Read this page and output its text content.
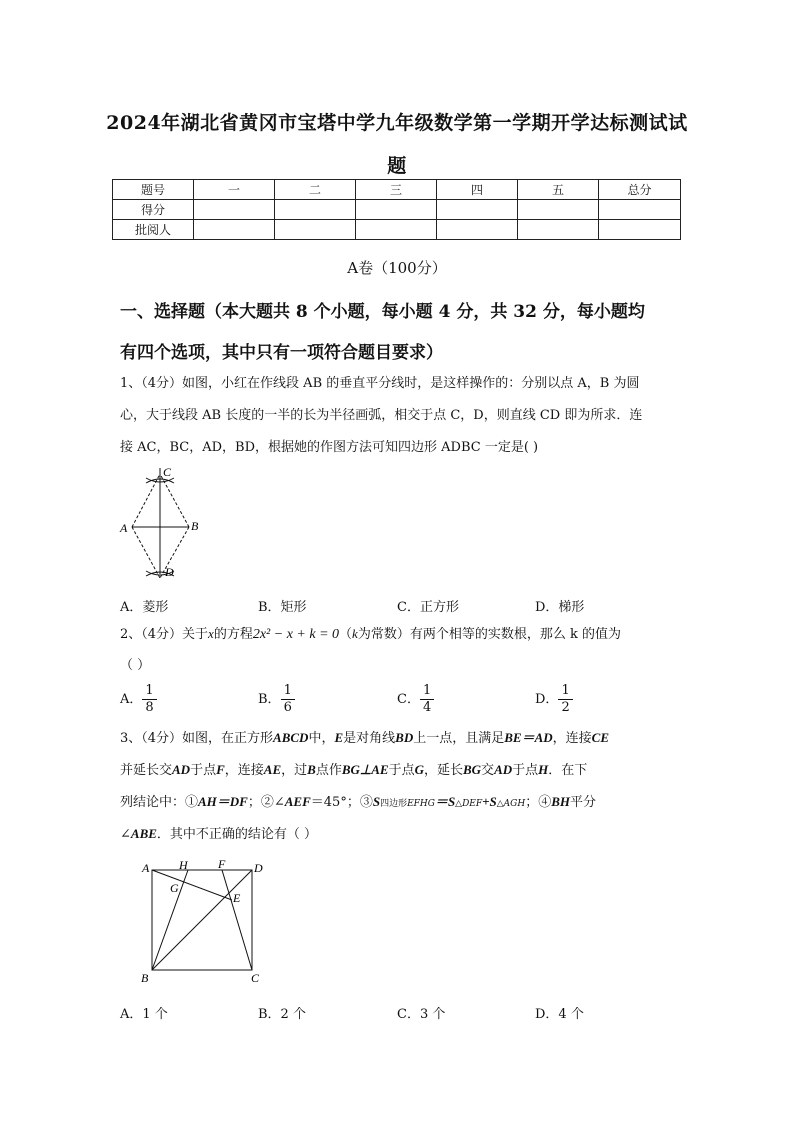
2024年湖北省黄冈市宝塔中学九年级数学第一学期开学达标测试试
题
题号	一	二	三	四	五	总分
得分						
批阅人						
A卷（100分）
一、选择题（本大题共 8 个小题，每小题 4 分，共 32 分，每小题均
有四个选项，其中只有一项符合题目要求）
1、（4分）如图，小红在作线段 AB 的垂直平分线时，是这样操作的：分别以点 A，B 为圆
心，大于线段 AB 长度的一半的长为半径画弧，相交于点 C，D，则直线 CD 即为所求．连
接 AC，BC，AD，BD，根据她的作图方法可知四边形 ADBC 一定是( )
C
A	B
D
A．菱形	B．矩形	C．正方形	D．梯形
2、（4分）关于x的方程2x² − x + k = 0（k为常数）有两个相等的实数根，那么 k 的值为
（ ）
A． $\frac{1}{8}$	B． $\frac{1}{6}$	C． $\frac{1}{4}$	D． $\frac{1}{2}$
3、（4分）如图，在正方形ABCD中，E是对角线BD上一点，且满足BE＝AD，连接CE
并延长交AD于点F，连接AE，过B点作BG⊥AE于点G，延长BG交AD于点H．在下
列结论中：①AH＝DF；②∠AEF＝45°；③S四边形EFHG＝S△DEF+S△AGH；④BH平分
∠ABE．其中不正确的结论有（ ）
A H	F D
G
E
B	C
A．1 个	B．2 个	C．3 个	D．4 个
